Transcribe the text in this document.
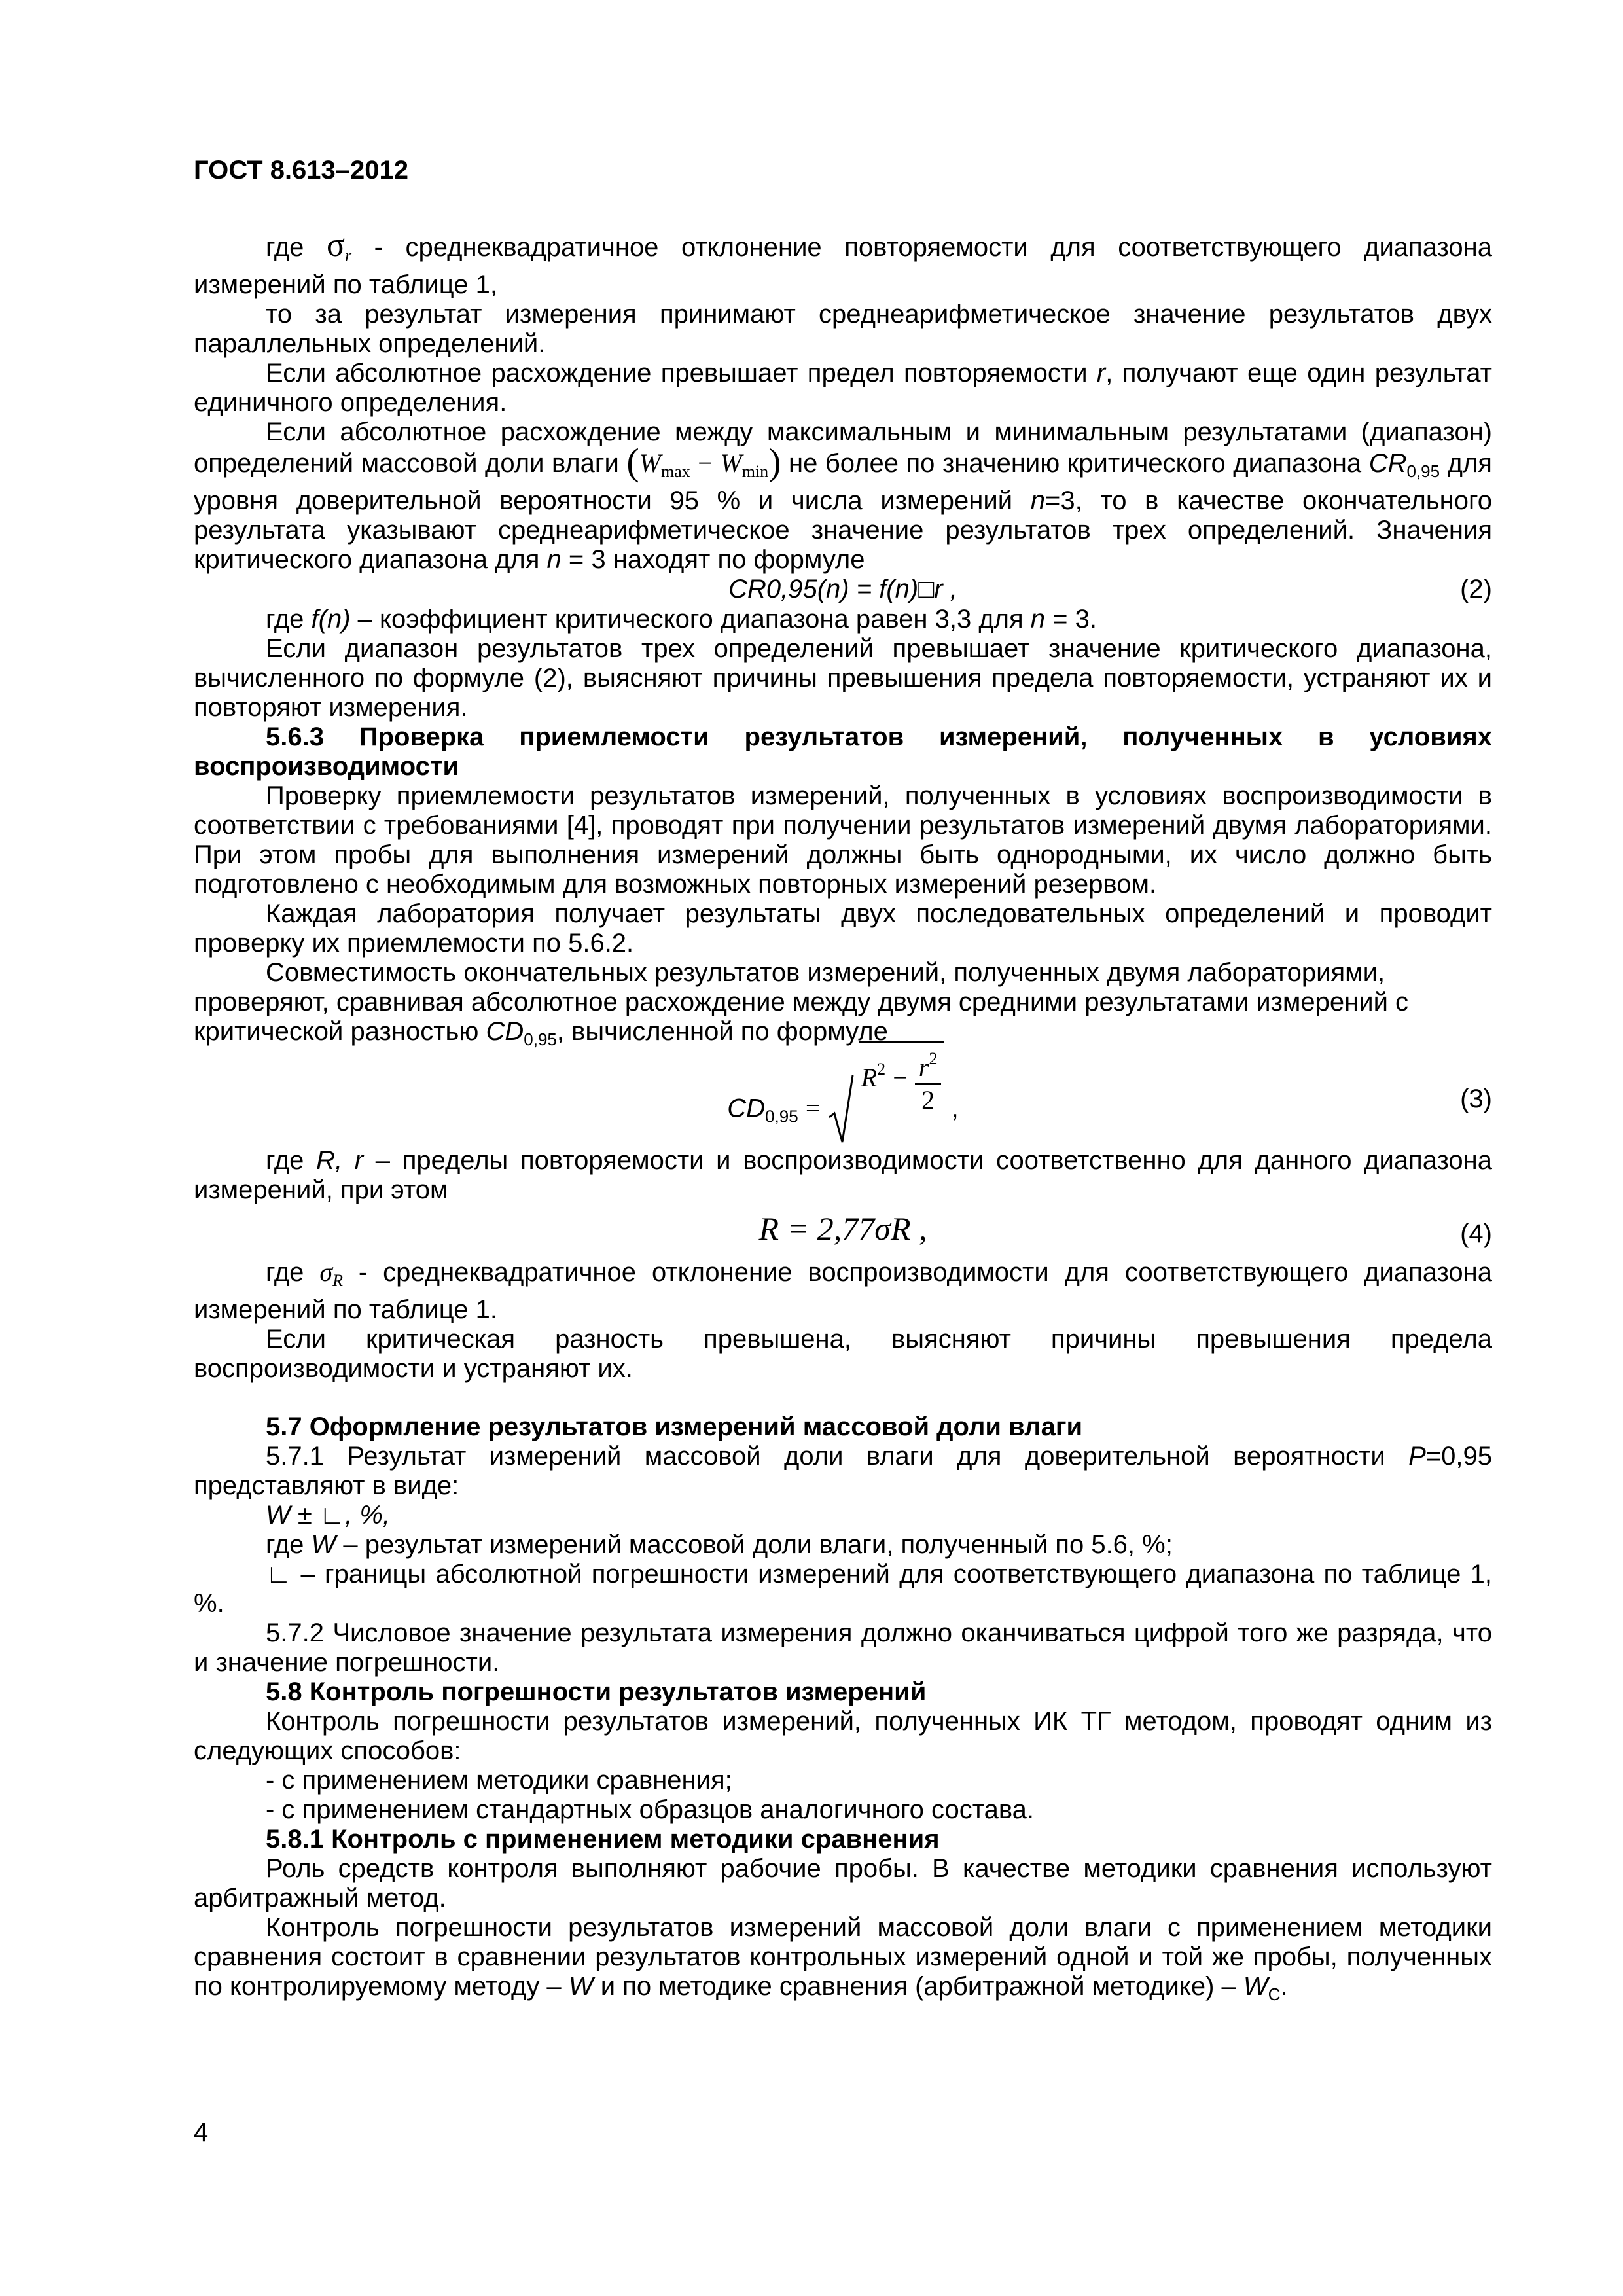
ГОСТ 8.613–2012

где $\sigma_r$ - среднеквадратичное отклонение повторяемости для соответствующего диапазона измерений по таблице 1,

то за результат измерения принимают среднеарифметическое значение результатов двух параллельных определений.

Если абсолютное расхождение превышает предел повторяемости r, получают еще один результат единичного определения.

Если абсолютное расхождение между максимальным и минимальным результатами (диапазон) определений массовой доли влаги $(W_{max} - W_{min})$ не более по значению критического диапазона $CR_{0,95}$ для уровня доверительной вероятности 95 % и числа измерений n=3, то в качестве окончательного результата указывают среднеарифметическое значение результатов трех определений. Значения критического диапазона для n = 3 находят по формуле

CR0,95(n) = f(n)□r ,	(2)

где f(n) – коэффициент критического диапазона равен 3,3 для n = 3.

Если диапазон результатов трех определений превышает значение критического диапазона, вычисленного по формуле (2), выясняют причины превышения предела повторяемости, устраняют их и повторяют измерения.

5.6.3 Проверка приемлемости результатов измерений, полученных в условиях воспроизводимости

Проверку приемлемости результатов измерений, полученных в условиях воспроизводимости в соответствии с требованиями [4], проводят при получении результатов измерений двумя лабораториями. При этом пробы для выполнения измерений должны быть однородными, их число должно быть подготовлено с необходимым для возможных повторных измерений резервом.

Каждая лаборатория получает результаты двух последовательных определений и проводит проверку их приемлемости по 5.6.2.

Совместимость окончательных результатов измерений, полученных двумя лабораториями, проверяют, сравнивая абсолютное расхождение между двумя средними результатами измерений с критической разностью $CD_{0,95}$, вычисленной по формуле

$CD_{0,95} = R^2 - \frac{r^2}{2}$ ,	(3)

где R, r – пределы повторяемости и воспроизводимости соответственно для данного диапазона измерений, при этом

R = 2,77σR ,	(4)

где $\sigma_R$ - среднеквадратичное отклонение воспроизводимости для соответствующего диапазона измерений по таблице 1.

Если критическая разность превышена, выясняют причины превышения предела воспроизводимости и устраняют их.

5.7 Оформление результатов измерений массовой доли влаги

5.7.1 Результат измерений массовой доли влаги для доверительной вероятности P=0,95 представляют в виде:

W ± ∟, %,

где W – результат измерений массовой доли влаги, полученный по 5.6, %;

∟ – границы абсолютной погрешности измерений для соответствующего диапазона по таблице 1, %.

5.7.2 Числовое значение результата измерения должно оканчиваться цифрой того же разряда, что и значение погрешности.

5.8 Контроль погрешности результатов измерений

Контроль погрешности результатов измерений, полученных ИК ТГ методом, проводят одним из следующих способов:

- с применением методики сравнения;

- с применением стандартных образцов аналогичного состава.

5.8.1 Контроль с применением методики сравнения

Роль средств контроля выполняют рабочие пробы. В качестве методики сравнения используют арбитражный метод.

Контроль погрешности результатов измерений массовой доли влаги с применением методики сравнения состоит в сравнении результатов контрольных измерений одной и той же пробы, полученных по контролируемому методу – W и по методике сравнения (арбитражной методике) – $W_C$.

4
